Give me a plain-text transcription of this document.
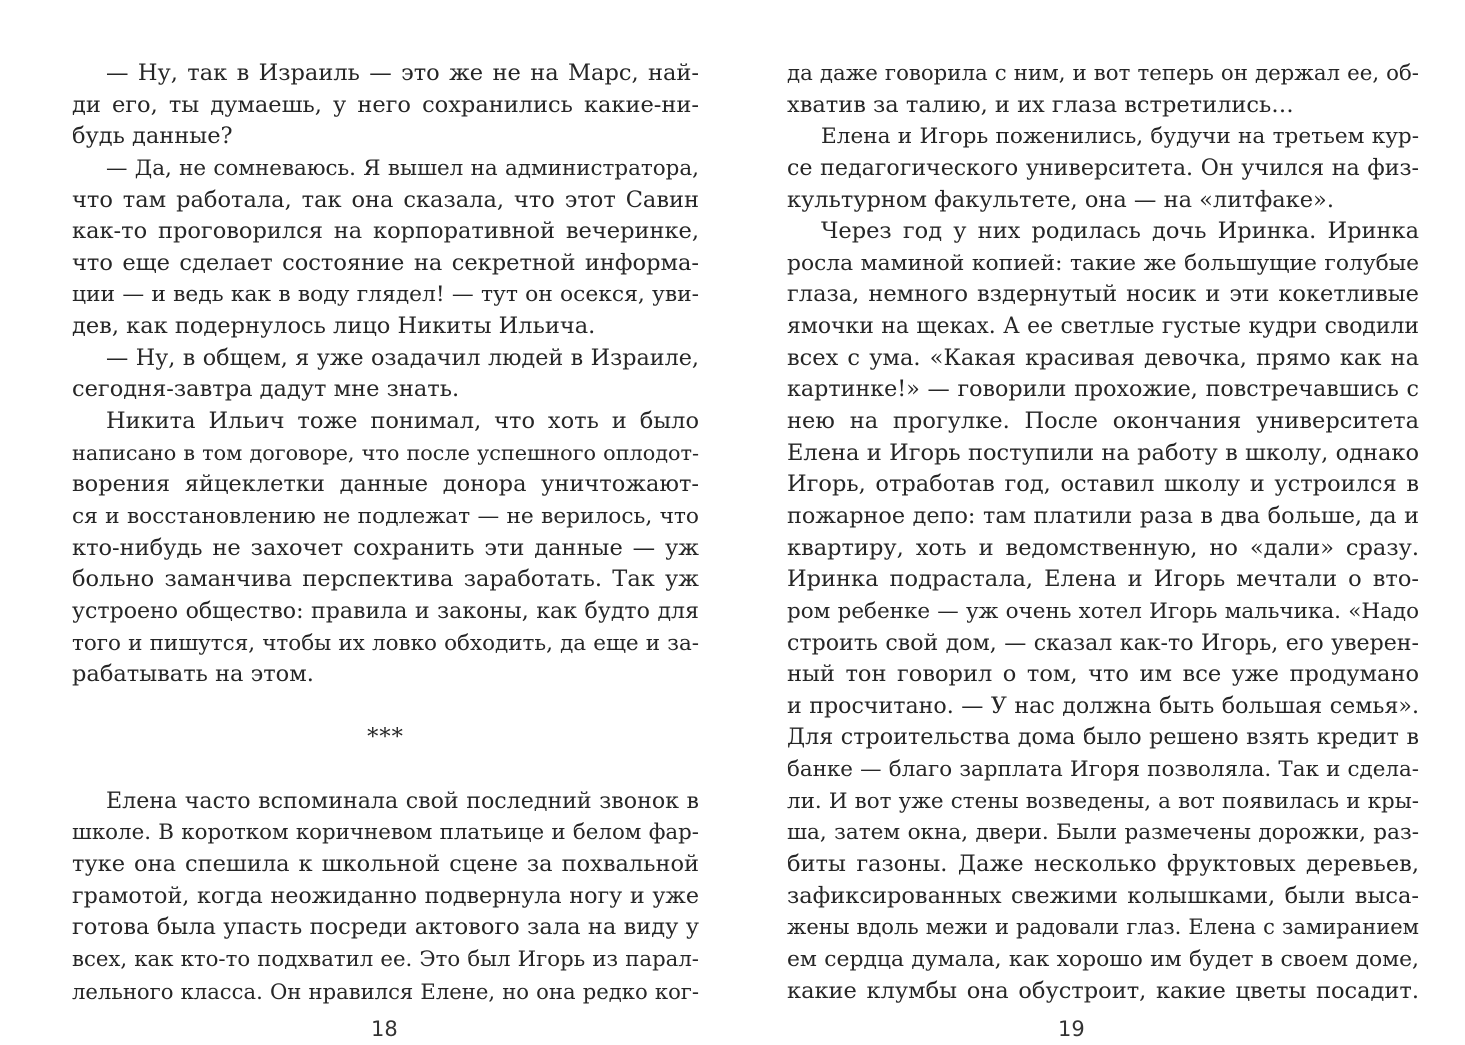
— Ну, так в Израиль — это же не на Марс, най-
ди его, ты думаешь, у него сохранились какие-ни-
будь данные?
— Да, не сомневаюсь. Я вышел на администратора,
что там работала, так она сказала, что этот Савин
как-то проговорился на корпоративной вечеринке,
что еще сделает состояние на секретной информа-
ции — и ведь как в воду глядел! — тут он осекся, уви-
дев, как подернулось лицо Никиты Ильича.
— Ну, в общем, я уже озадачил людей в Израиле,
сегодня-завтра дадут мне знать.
Никита Ильич тоже понимал, что хоть и было
написано в том договоре, что после успешного оплодот-
ворения яйцеклетки данные донора уничтожают-
ся и восстановлению не подлежат — не верилось, что
кто-нибудь не захочет сохранить эти данные — уж
больно заманчива перспектива заработать. Так уж
устроено общество: правила и законы, как будто для
того и пишутся, чтобы их ловко обходить, да еще и за-
рабатывать на этом.
***
Елена часто вспоминала свой последний звонок в
школе. В коротком коричневом платьице и белом фар-
туке она спешила к школьной сцене за похвальной
грамотой, когда неожиданно подвернула ногу и уже
готова была упасть посреди актового зала на виду у
всех, как кто-то подхватил ее. Это был Игорь из парал-
лельного класса. Он нравился Елене, но она редко ког-
18
да даже говорила с ним, и вот теперь он держал ее, об-
хватив за талию, и их глаза встретились…
Елена и Игорь поженились, будучи на третьем кур-
се педагогического университета. Он учился на физ-
культурном факультете, она — на «литфаке».
Через год у них родилась дочь Иринка. Иринка
росла маминой копией: такие же большущие голубые
глаза, немного вздернутый носик и эти кокетливые
ямочки на щеках. А ее светлые густые кудри сводили
всех с ума. «Какая красивая девочка, прямо как на
картинке!» — говорили прохожие, повстречавшись с
нею на прогулке. После окончания университета
Елена и Игорь поступили на работу в школу, однако
Игорь, отработав год, оставил школу и устроился в
пожарное депо: там платили раза в два больше, да и
квартиру, хоть и ведомственную, но «дали» сразу.
Иринка подрастала, Елена и Игорь мечтали о вто-
ром ребенке — уж очень хотел Игорь мальчика. «Надо
строить свой дом, — сказал как-то Игорь, его уверен-
ный тон говорил о том, что им все уже продумано
и просчитано. — У нас должна быть большая семья».
Для строительства дома было решено взять кредит в
банке — благо зарплата Игоря позволяла. Так и сдела-
ли. И вот уже стены возведены, а вот появилась и кры-
ша, затем окна, двери. Были размечены дорожки, раз-
биты газоны. Даже несколько фруктовых деревьев,
зафиксированных свежими колышками, были выса-
жены вдоль межи и радовали глаз. Елена с замиранием
ем сердца думала, как хорошо им будет в своем доме,
какие клумбы она обустроит, какие цветы посадит.
19
